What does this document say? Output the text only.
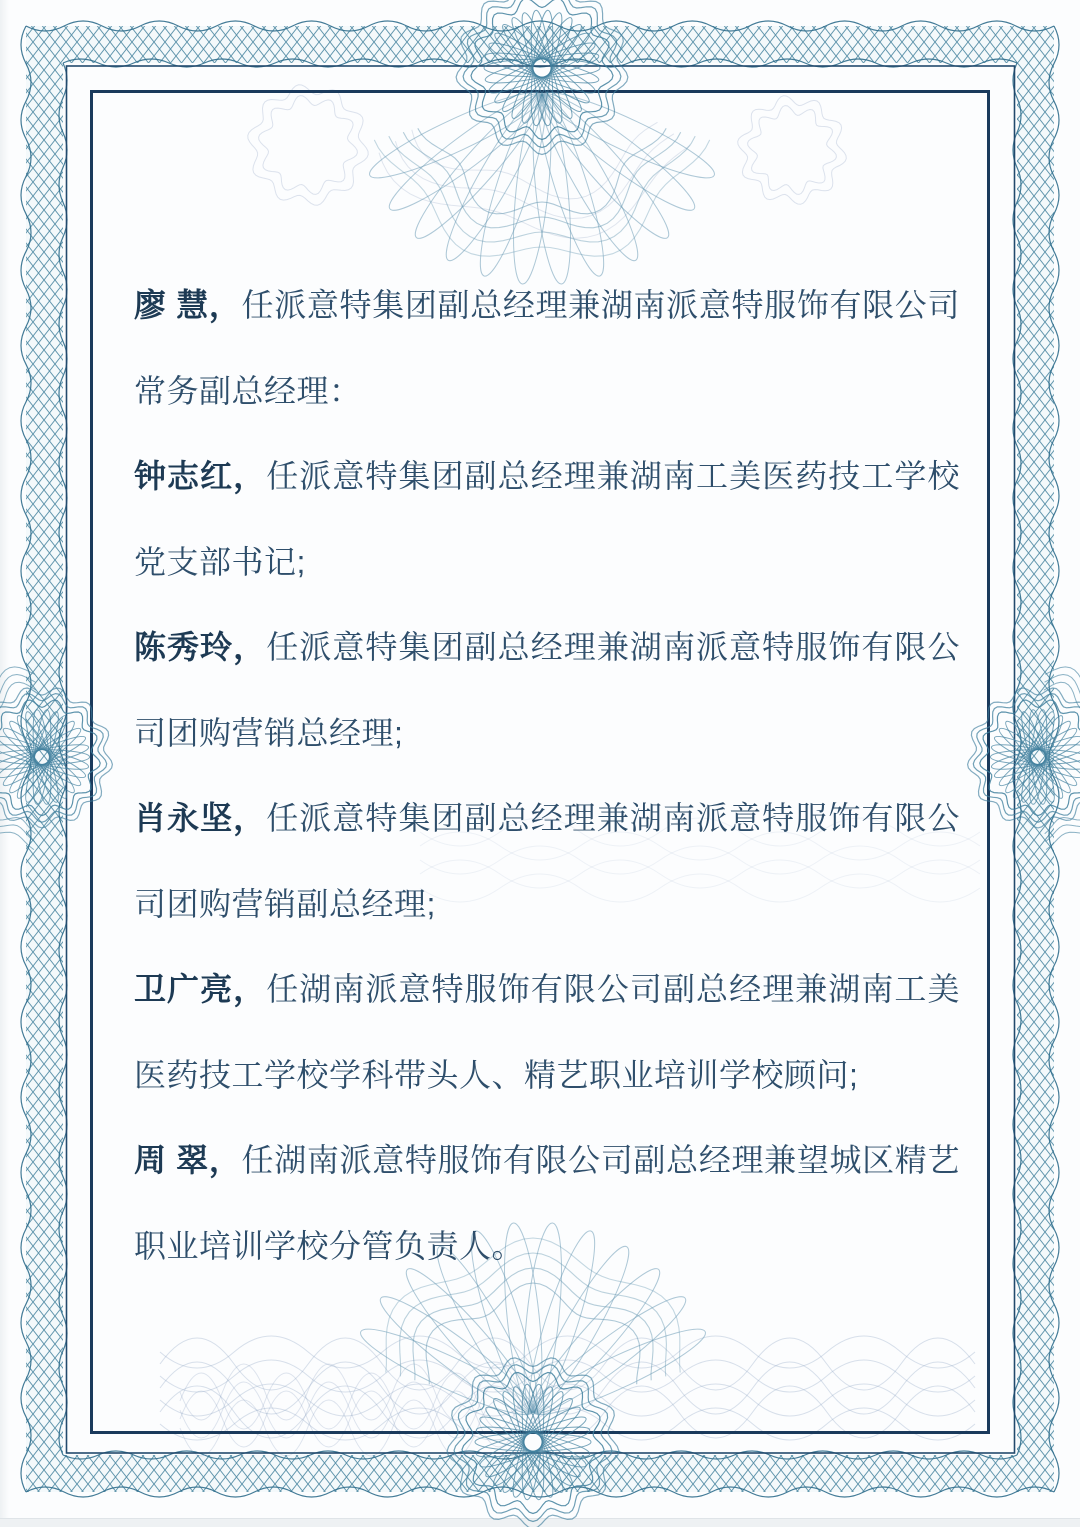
廖 慧，任派意特集团副总经理兼湖南派意特服饰有限公司
常务副总经理：
钟志红，任派意特集团副总经理兼湖南工美医药技工学校
党支部书记;
陈秀玲，任派意特集团副总经理兼湖南派意特服饰有限公
司团购营销总经理;
肖永坚，任派意特集团副总经理兼湖南派意特服饰有限公
司团购营销副总经理;
卫广亮，任湖南派意特服饰有限公司副总经理兼湖南工美
医药技工学校学科带头人、精艺职业培训学校顾问;
周 翠，任湖南派意特服饰有限公司副总经理兼望城区精艺
职业培训学校分管负责人。
